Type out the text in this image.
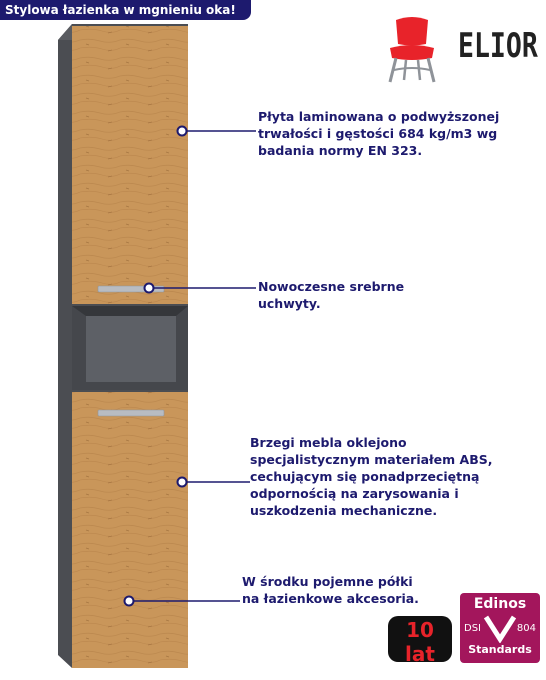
Stylowa łazienka w mgnieniu oka!
ELIOR
Płyta laminowana o podwyższonej
trwałości i gęstości 684 kg/m3 wg
badania normy EN 323.
Nowoczesne srebrne
uchwyty.
Brzegi mebla oklejono
specjalistycznym materiałem ABS,
cechującym się ponadprzeciętną
odpornością na zarysowania i
uszkodzenia mechaniczne.
W środku pojemne półki
na łazienkowe akcesoria.
10 lat
Gwarancji
Edinos
DSI	804
Standards
